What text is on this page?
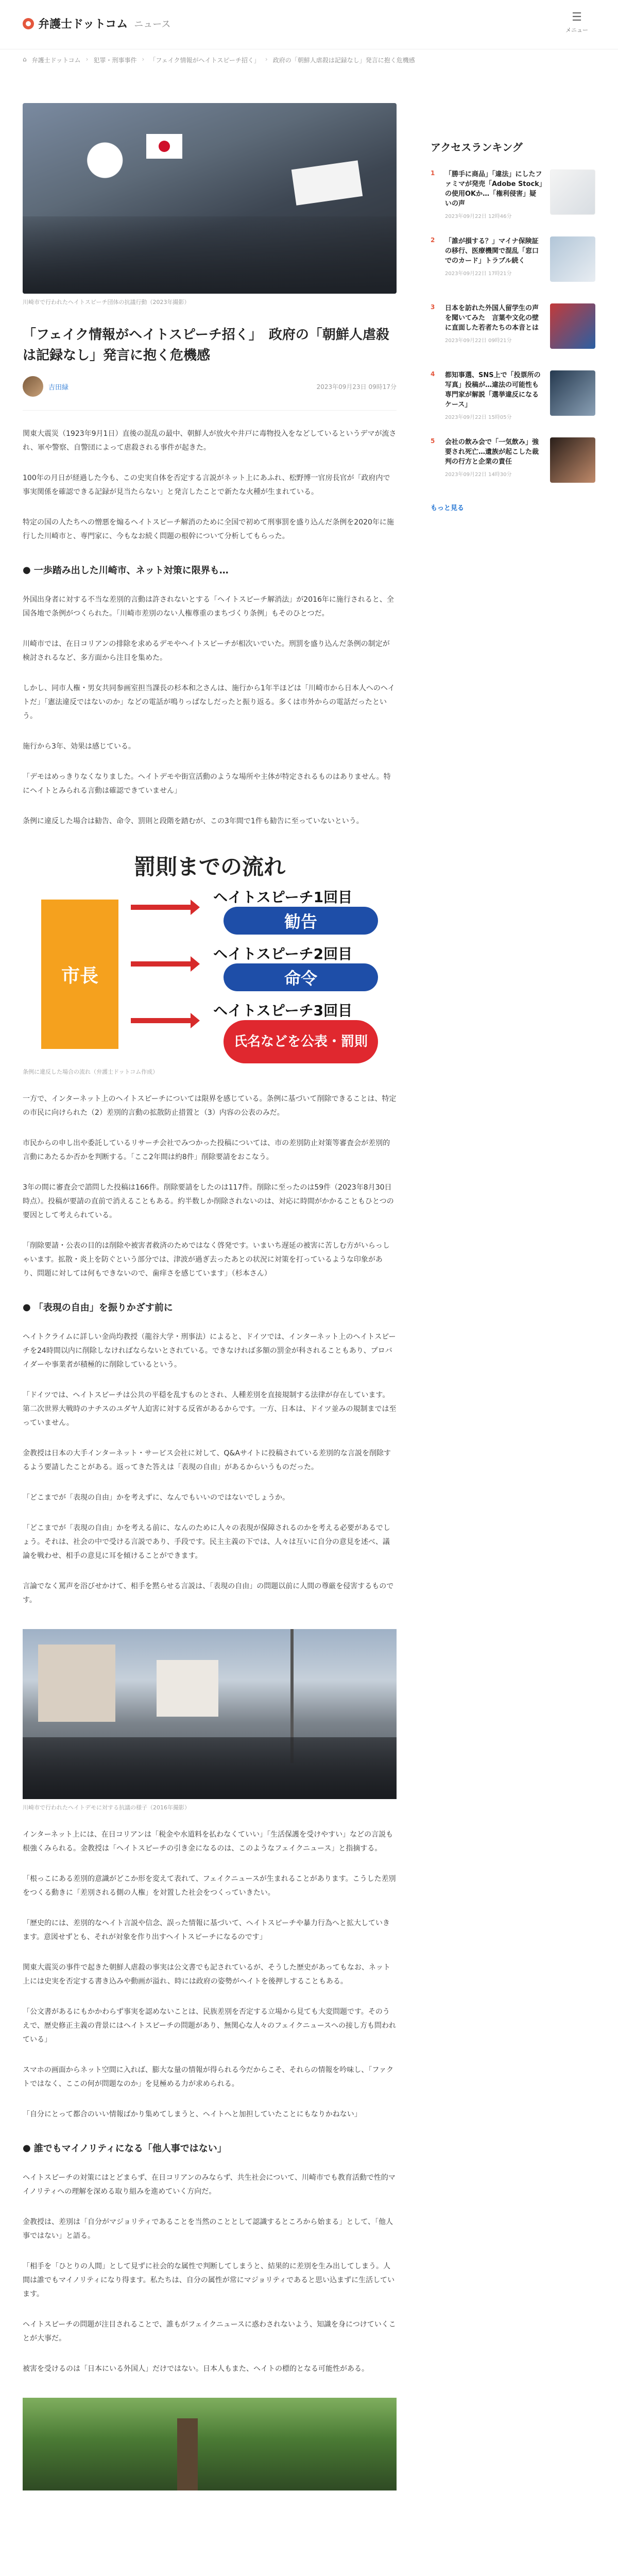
弁護士ドットコム ニュース
☰
メニュー
⌂ 弁護士ドットコム › 犯罪・刑事事件 › 「フェイク情報がヘイトスピーチ招く」 › 政府の「朝鮮人虐殺は記録なし」発言に抱く危機感

川崎市で行われたヘイトスピーチ団体の抗議行動（2023年撮影）

「フェイク情報がヘイトスピーチ招く」　政府の「朝鮮人虐殺は記録なし」発言に抱く危機感
吉田緑	2023年09月23日 09時17分

関東大震災（1923年9月1日）直後の混乱の最中、朝鮮人が放火や井戸に毒物投入をなどしているというデマが流され、軍や警察、自警団によって虐殺される事件が起きた。

100年の月日が経過した今も、この史実自体を否定する言説がネット上にあふれ、松野博一官房長官が「政府内で事実関係を確認できる記録が見当たらない」と発言したことで新たな火種が生まれている。

特定の国の人たちへの憎悪を煽るヘイトスピーチ解消のために全国で初めて刑事罰を盛り込んだ条例を2020年に施行した川崎市と、専門家に、今もなお続く問題の根幹について分析してもらった。

● 一歩踏み出した川崎市、ネット対策に限界も…

外国出身者に対する不当な差別的言動は許されないとする「ヘイトスピーチ解消法」が2016年に施行されると、全国各地で条例がつくられた。「川崎市差別のない人権尊重のまちづくり条例」もそのひとつだ。

川崎市では、在日コリアンの排除を求めるデモやヘイトスピーチが相次いでいた。刑罰を盛り込んだ条例の制定が検討されるなど、多方面から注目を集めた。

しかし、同市人権・男女共同参画室担当課長の杉本和之さんは、施行から1年半ほどは「川崎市から日本人へのヘイトだ」「憲法違反ではないのか」などの電話が鳴りっぱなしだったと振り返る。多くは市外からの電話だったという。

施行から3年、効果は感じている。

「デモはめっきりなくなりました。ヘイトデモや街宣活動のような場所や主体が特定されるものはありません。特にヘイトとみられる言動は確認できていません」

条例に違反した場合は勧告、命令、罰則と段階を踏むが、この3年間で1件も勧告に至っていないという。

罰則までの流れ
市長
ヘイトスピーチ1回目
勧告
ヘイトスピーチ2回目
命令
ヘイトスピーチ3回目
氏名などを公表・罰則

条例に違反した場合の流れ（弁護士ドットコム作成）

一方で、インターネット上のヘイトスピーチについては限界を感じている。条例に基づいて削除できることは、特定の市民に向けられた（2）差別的言動の拡散防止措置と（3）内容の公表のみだ。

市民からの申し出や委託しているリサーチ会社でみつかった投稿については、市の差別防止対策等審査会が差別的言動にあたるか否かを判断する。「ここ2年間は約8件」削除要請をおこなう。

3年の間に審査会で諮問した投稿は166件。削除要請をしたのは117件。削除に至ったのは59件（2023年8月30日時点）。投稿が要請の直前で消えることもある。約半数しか削除されないのは、対応に時間がかかることもひとつの要因として考えられている。

「削除要請・公表の目的は削除や被害者救済のためではなく啓発です。いまいち遅延の被害に苦しむ方がいらっしゃいます。拡散・炎上を防ぐという部分では、津波が過ぎ去ったあとの状況に対策を打っているような印象があり、問題に対しては何もできないので、歯痒さを感じています」（杉本さん）

● 「表現の自由」を振りかざす前に

ヘイトクライムに詳しい金尚均教授（龍谷大学・刑事法）によると、ドイツでは、インターネット上のヘイトスピーチを24時間以内に削除しなければならないとされている。できなければ多額の罰金が科されることもあり、プロバイダーや事業者が積極的に削除しているという。

「ドイツでは、ヘイトスピーチは公共の平穏を乱すものとされ、人種差別を直接規制する法律が存在しています。第二次世界大戦時のナチスのユダヤ人迫害に対する反省があるからです。一方、日本は、ドイツ並みの規制までは至っていません。

金教授は日本の大手インターネット・サービス会社に対して、Q&Aサイトに投稿されている差別的な言説を削除するよう要請したことがある。返ってきた答えは「表現の自由」があるからいうものだった。

「どこまでが「表現の自由」かを考えずに、なんでもいいのではないでしょうか。

「どこまでが「表現の自由」かを考える前に、なんのために人々の表現が保障されるのかを考える必要があるでしょう。それは、社会の中で受ける言説であり、手段です。民主主義の下では、人々は互いに自分の意見を述べ、議論を戦わせ、相手の意見に耳を傾けることができます。

言論でなく罵声を浴びせかけて、相手を黙らせる言説は、「表現の自由」の問題以前に人間の尊厳を侵害するものです。

川崎市で行われたヘイトデモに対する抗議の様子（2016年撮影）

インターネット上には、在日コリアンは「税金や水道料を払わなくていい」「生活保護を受けやすい」などの言説も根強くみられる。金教授は「ヘイトスピーチの引き金になるのは、このようなフェイクニュース」と指摘する。

「根っこにある差別的意識がどこか形を変えて表れて、フェイクニュースが生まれることがあります。こうした差別をつくる動きに「差別される側の人権」を対置した社会をつくっていきたい。

「歴史的には、差別的なヘイト言説や信念、誤った情報に基づいて、ヘイトスピーチや暴力行為へと拡大していきます。意図せずとも、それが対象を作り出すヘイトスピーチになるのです」

関東大震災の事件で起きた朝鮮人虐殺の事実は公文書でも記されているが、そうした歴史があってもなお、ネット上には史実を否定する書き込みや動画が溢れ、時には政府の姿勢がヘイトを後押しすることもある。

「公文書があるにもかかわらず事実を認めないことは、民族差別を否定する立場から見ても大変問題です。そのうえで、歴史修正主義の背景にはヘイトスピーチの問題があり、無関心な人々のフェイクニュースへの接し方も問われている」

スマホの画面からネット空間に入れば、膨大な量の情報が得られる今だからこそ、それらの情報を吟味し、「ファクトではなく、ここの何が問題なのか」を見極める力が求められる。

「自分にとって都合のいい情報ばかり集めてしまうと、ヘイトへと加担していたことにもなりかねない」

● 誰でもマイノリティになる「他人事ではない」

ヘイトスピーチの対策にはとどまらず、在日コリアンのみならず、共生社会について、川崎市でも教育活動で性的マイノリティへの理解を深める取り組みを進めていく方向だ。

金教授は、差別は「自分がマジョリティであることを当然のこととして認識するところから始まる」として、「他人事ではない」と語る。

「相手を「ひとりの人間」として見ずに社会的な属性で判断してしまうと、結果的に差別を生み出してしまう。人間は誰でもマイノリティになり得ます。私たちは、自分の属性が常にマジョリティであると思い込まずに生活しています。

ヘイトスピーチの問題が注目されることで、誰もがフェイクニュースに惑わされないよう、知識を身につけていくことが大事だ。

被害を受けるのは「日本にいる外国人」だけではない。日本人もまた、ヘイトの標的となる可能性がある。

アクセスランキング
1 「勝手に商品」「違法」にしたファミマが発売「Adobe Stock」の使用OKか…「権利侵害」疑いの声
2023年09月22日 12時46分
2 「誰が損する？」マイナ保険証の移行、医療機関で混乱「窓口でのカード」トラブル続く
2023年09月22日 17時21分
3 日本を訪れた外国人留学生の声を聞いてみた　言葉や文化の壁に直面した若者たちの本音とは
2023年09月22日 09時21分
4 都知事選、SNS上で「投票所の写真」投稿が…違法の可能性も　専門家が解説「選挙違反になるケース」
2023年09月22日 15時05分
5 会社の飲み会で「一気飲み」強要され死亡…遺族が起こした裁判の行方と企業の責任
2023年09月22日 14時30分
もっと見る
